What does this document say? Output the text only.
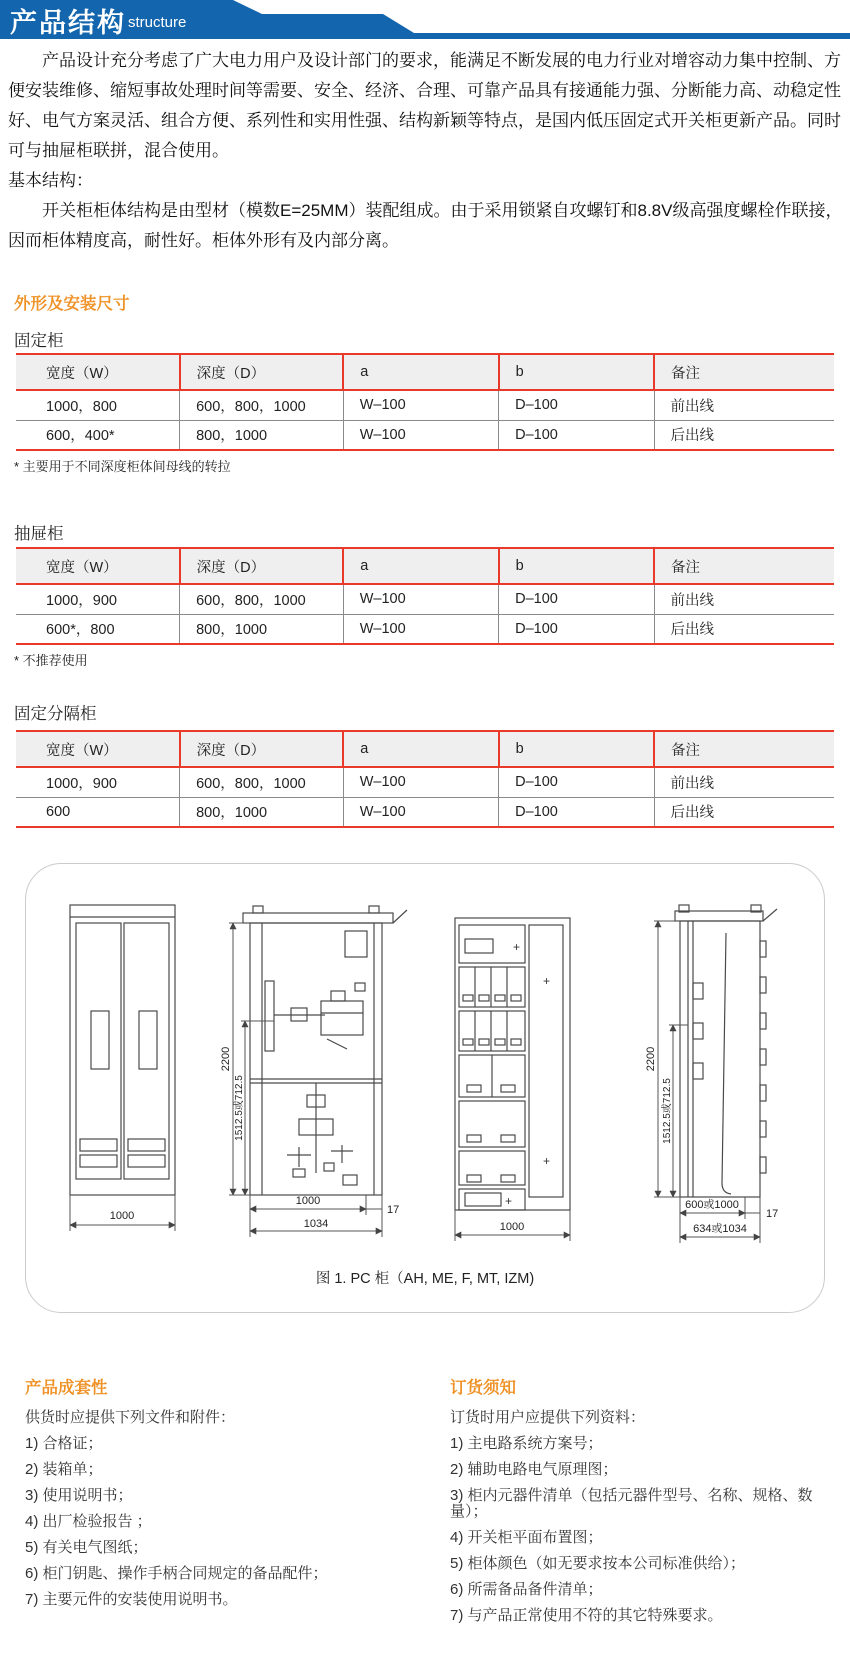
产品结构 structure

产品设计充分考虑了广大电力用户及设计部门的要求，能满足不断发展的电力行业对增容动力集中控制、方便安装维修、缩短事故处理时间等需要、安全、经济、合理、可靠产品具有接通能力强、分断能力高、动稳定性好、电气方案灵活、组合方便、系列性和实用性强、结构新颖等特点，是国内低压固定式开关柜更新产品。同时可与抽屉柜联拼，混合使用。

基本结构：

开关柜柜体结构是由型材（模数E=25MM）装配组成。由于采用锁紧自攻螺钉和8.8V级高强度螺栓作联接，因而柜体精度高，耐性好。柜体外形有及内部分离。

外形及安装尺寸
固定柜
宽度（W）	深度（D）	a	b	备注
1000，800	600，800，1000	W–100	D–100	前出线
600，400*	800，1000	W–100	D–100	后出线
* 主要用于不同深度柜体间母线的转拉
抽屉柜
宽度（W）	深度（D）	a	b	备注
1000，900	600，800，1000	W–100	D–100	前出线
600*，800	800，1000	W–100	D–100	后出线
* 不推荐使用
固定分隔柜
宽度（W）	深度（D）	a	b	备注
1000，900	600，800，1000	W–100	D–100	前出线
600	800，1000	W–100	D–100	后出线
1000
2200
1512.5或712.5
1000
17
1034
+
+
+
+
1000
2200
1512.5或712.5
600或1000
17
634或1034
图 1. PC 柜（AH, ME, F, MT, IZM)

产品成套性

供货时应提供下列文件和附件：

1) 合格证；

2) 装箱单；

3) 使用说明书；

4) 出厂检验报告 ；

5) 有关电气图纸；

6) 柜门钥匙、操作手柄合同规定的备品配件；

7) 主要元件的安装使用说明书。

订货须知

订货时用户应提供下列资料：

1) 主电路系统方案号；

2) 辅助电路电气原理图；

3) 柜内元器件清单（包括元器件型号、名称、规格、数量）；

4) 开关柜平面布置图；

5) 柜体颜色（如无要求按本公司标准供给）；

6) 所需备品备件清单；

7) 与产品正常使用不符的其它特殊要求。
